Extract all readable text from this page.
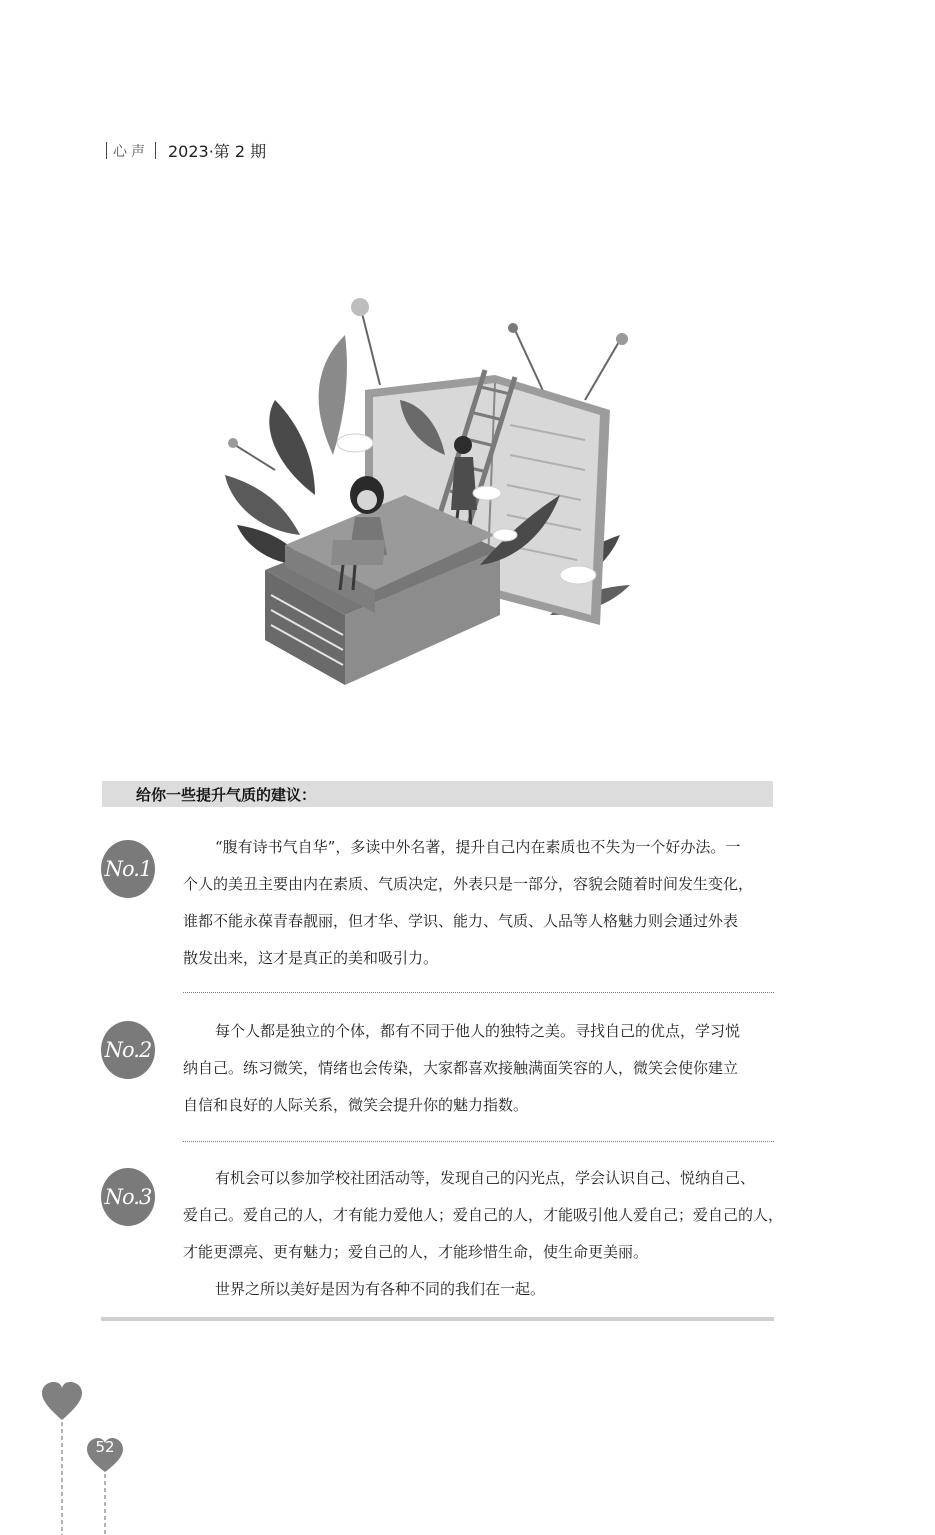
心声 2023·第 2 期
给你一些提升气质的建议：
No.1

“腹有诗书气自华”，多读中外名著，提升自己内在素质也不失为一个好办法。一
个人的美丑主要由内在素质、气质决定，外表只是一部分，容貌会随着时间发生变化，
谁都不能永葆青春靓丽，但才华、学识、能力、气质、人品等人格魅力则会通过外表
散发出来，这才是真正的美和吸引力。

No.2

每个人都是独立的个体，都有不同于他人的独特之美。寻找自己的优点，学习悦
纳自己。练习微笑，情绪也会传染，大家都喜欢接触满面笑容的人，微笑会使你建立
自信和良好的人际关系，微笑会提升你的魅力指数。

No.3

有机会可以参加学校社团活动等，发现自己的闪光点，学会认识自己、悦纳自己、
爱自己。爱自己的人，才有能力爱他人；爱自己的人，才能吸引他人爱自己；爱自己的人，
才能更漂亮、更有魅力；爱自己的人，才能珍惜生命，使生命更美丽。
世界之所以美好是因为有各种不同的我们在一起。

52
